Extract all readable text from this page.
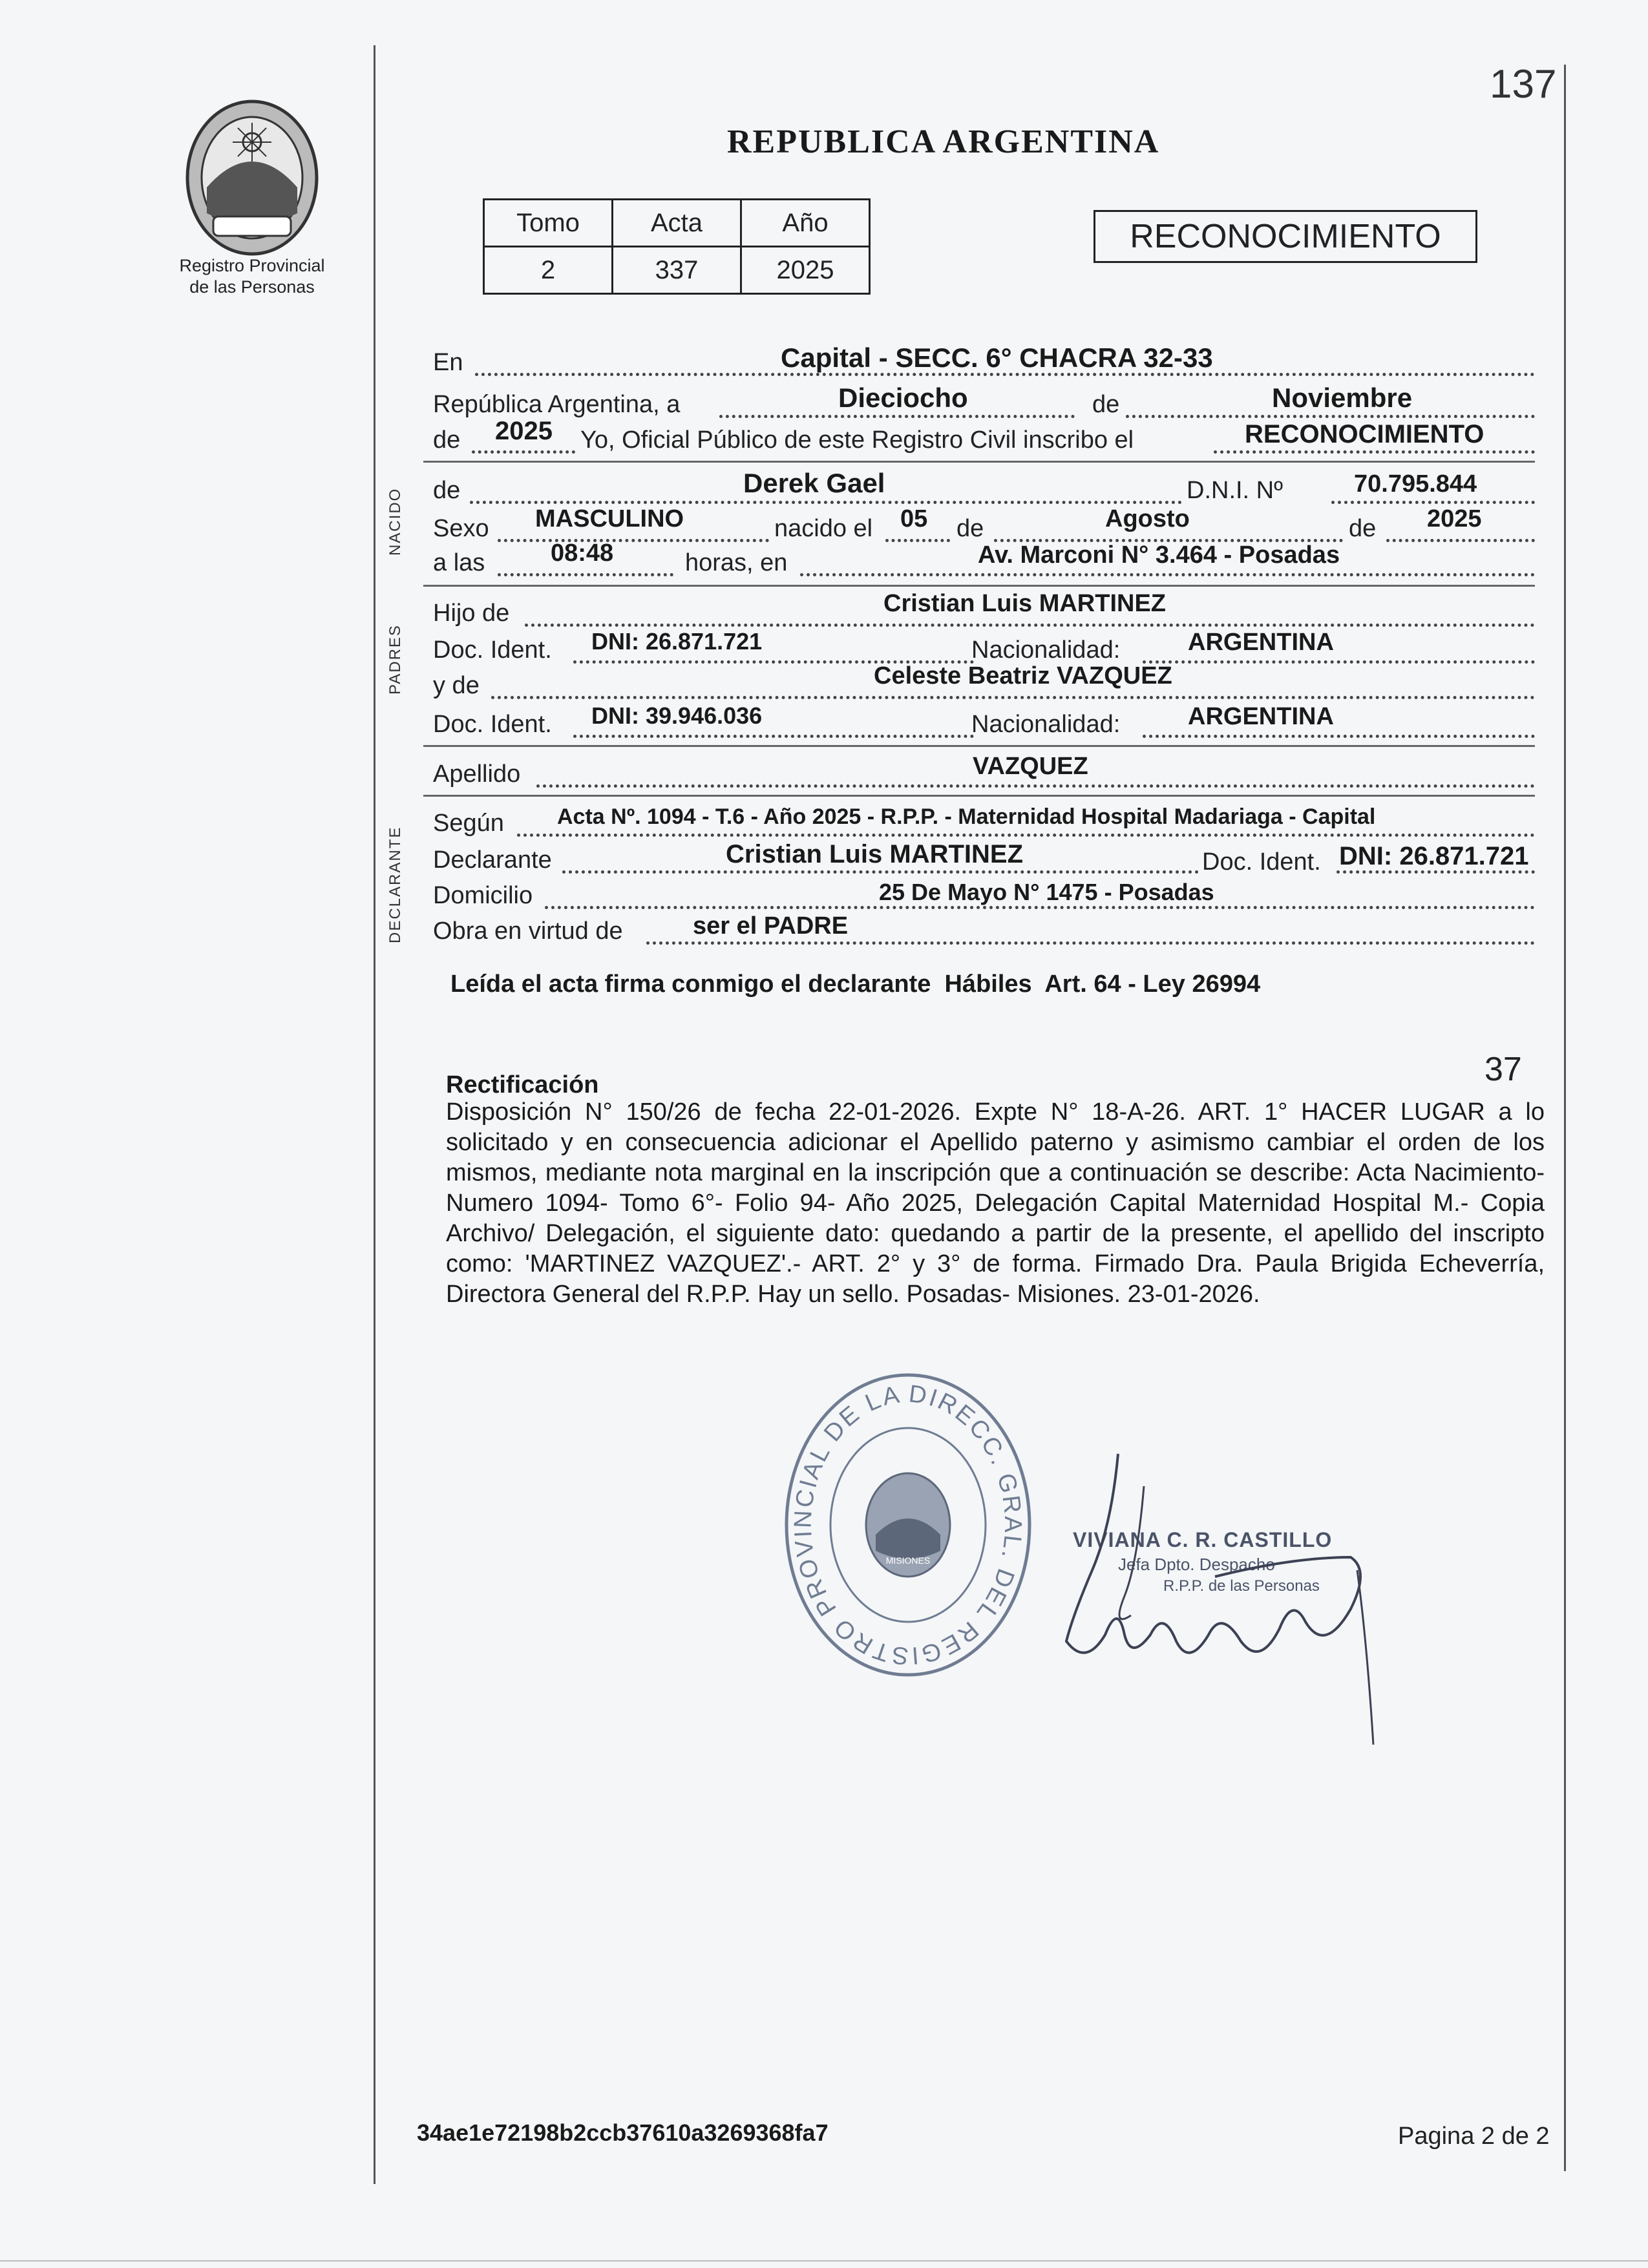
137
Registro Provincial
de las Personas
REPUBLICA ARGENTINA
Tomo	Acta	Año
2	337	2025
RECONOCIMIENTO
En	Capital - SECC. 6° CHACRA 32-33
República Argentina, a	Dieciocho	de	Noviembre
de 2025 Yo, Oficial Público de este Registro Civil inscribo el	RECONOCIMIENTO
NACIDO de	Derek Gael	D.N.I. Nº	70.795.844
Sexo MASCULINO	nacido el 05 de	Agosto	de 2025
a las	08:48	horas, en	Av. Marconi N° 3.464 - Posadas
PADRES
Hijo de	Cristian Luis MARTINEZ
Doc. Ident. DNI: 26.871.721	Nacionalidad:	ARGENTINA
y de	Celeste Beatriz VAZQUEZ
Doc. Ident. DNI: 39.946.036	Nacionalidad:	ARGENTINA
Apellido	VAZQUEZ
DECLARANTE
Según Acta Nº. 1094 - T.6 - Año 2025 - R.P.P. - Maternidad Hospital Madariaga - Capital
Declarante	Cristian Luis MARTINEZ	Doc. Ident. DNI: 26.871.721
Domicilio	25 De Mayo N° 1475 - Posadas
Obra en virtud de	ser el PADRE
Leída el acta firma conmigo el declarante  Hábiles  Art. 64 - Ley 26994
37
Rectificación
Disposición N° 150/26 de fecha 22-01-2026. Expte N° 18-A-26. ART. 1° HACER LUGAR a lo solicitado y en consecuencia adicionar el Apellido paterno y asimismo cambiar el orden de los mismos, mediante nota marginal en la inscripción que a continuación se describe: Acta Nacimiento- Numero 1094- Tomo 6°- Folio 94- Año 2025, Delegación Capital Maternidad Hospital M.- Copia Archivo/ Delegación, el siguiente dato: quedando a partir de la presente, el apellido del inscripto como: 'MARTINEZ VAZQUEZ'.- ART. 2° y 3° de forma. Firmado Dra. Paula Brigida Echeverría, Directora General del R.P.P. Hay un sello. Posadas- Misiones. 23-01-2026.
DIRECC. GRAL. DEL REGISTRO PROVINCIAL DE LA
MISIONES
VIVIANA C. R. CASTILLO
Jefa Dpto. Despacho
R.P.P. de las Personas
34ae1e72198b2ccb37610a3269368fa7	Pagina 2 de 2
